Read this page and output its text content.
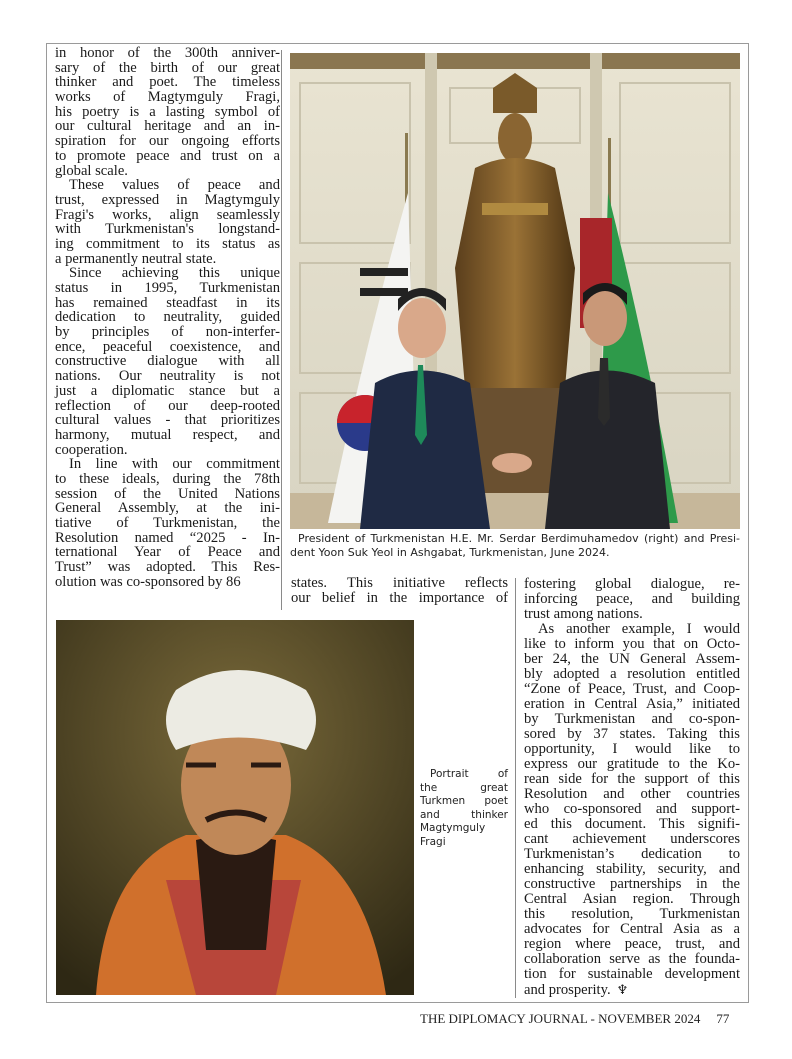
in honor of the 300th anniver-
sary of the birth of our great
thinker and poet. The timeless
works of Magtymguly Fragi,
his poetry is a lasting symbol of
our cultural heritage and an in-
spiration for our ongoing efforts
to promote peace and trust on a
global scale.
These values of peace and
trust, expressed in Magtymguly
Fragi's works, align seamlessly
with Turkmenistan's longstand-
ing commitment to its status as
a permanently neutral state.
Since achieving this unique
status in 1995, Turkmenistan
has remained steadfast in its
dedication to neutrality, guided
by principles of non-interfer-
ence, peaceful coexistence, and
constructive dialogue with all
nations. Our neutrality is not
just a diplomatic stance but a
reflection of our deep-rooted
cultural values - that prioritizes
harmony, mutual respect, and
cooperation.
In line with our commitment
to these ideals, during the 78th
session of the United Nations
General Assembly, at the ini-
tiative of Turkmenistan, the
Resolution named “2025 - In-
ternational Year of Peace and
Trust” was adopted. This Res-
olution was co-sponsored by 86
President of Turkmenistan H.E. Mr. Serdar Berdimuhamedov (right) and Presi-
dent Yoon Suk Yeol in Ashgabat, Turkmenistan, June 2024.
states. This initiative reflects
our belief in the importance of
fostering global dialogue, re-
inforcing peace, and building
trust among nations.
As another example, I would
like to inform you that on Octo-
ber 24, the UN General Assem-
bly adopted a resolution entitled
“Zone of Peace, Trust, and Coop-
eration in Central Asia,” initiated
by Turkmenistan and co-spon-
sored by 37 states. Taking this
opportunity, I would like to
express our gratitude to the Ko-
rean side for the support of this
Resolution and other countries
who co-sponsored and support-
ed this document. This signifi-
cant achievement underscores
Turkmenistan’s dedication to
enhancing stability, security, and
constructive partnerships in the
Central Asian region. Through
this resolution, Turkmenistan
advocates for Central Asia as a
region where peace, trust, and
collaboration serve as the founda-
tion for sustainable development
and prosperity. ♆
Portrait of
the great
Turkmen poet
and thinker
Magtymguly
Fragi
THE DIPLOMACY JOURNAL - NOVEMBER 2024 77
